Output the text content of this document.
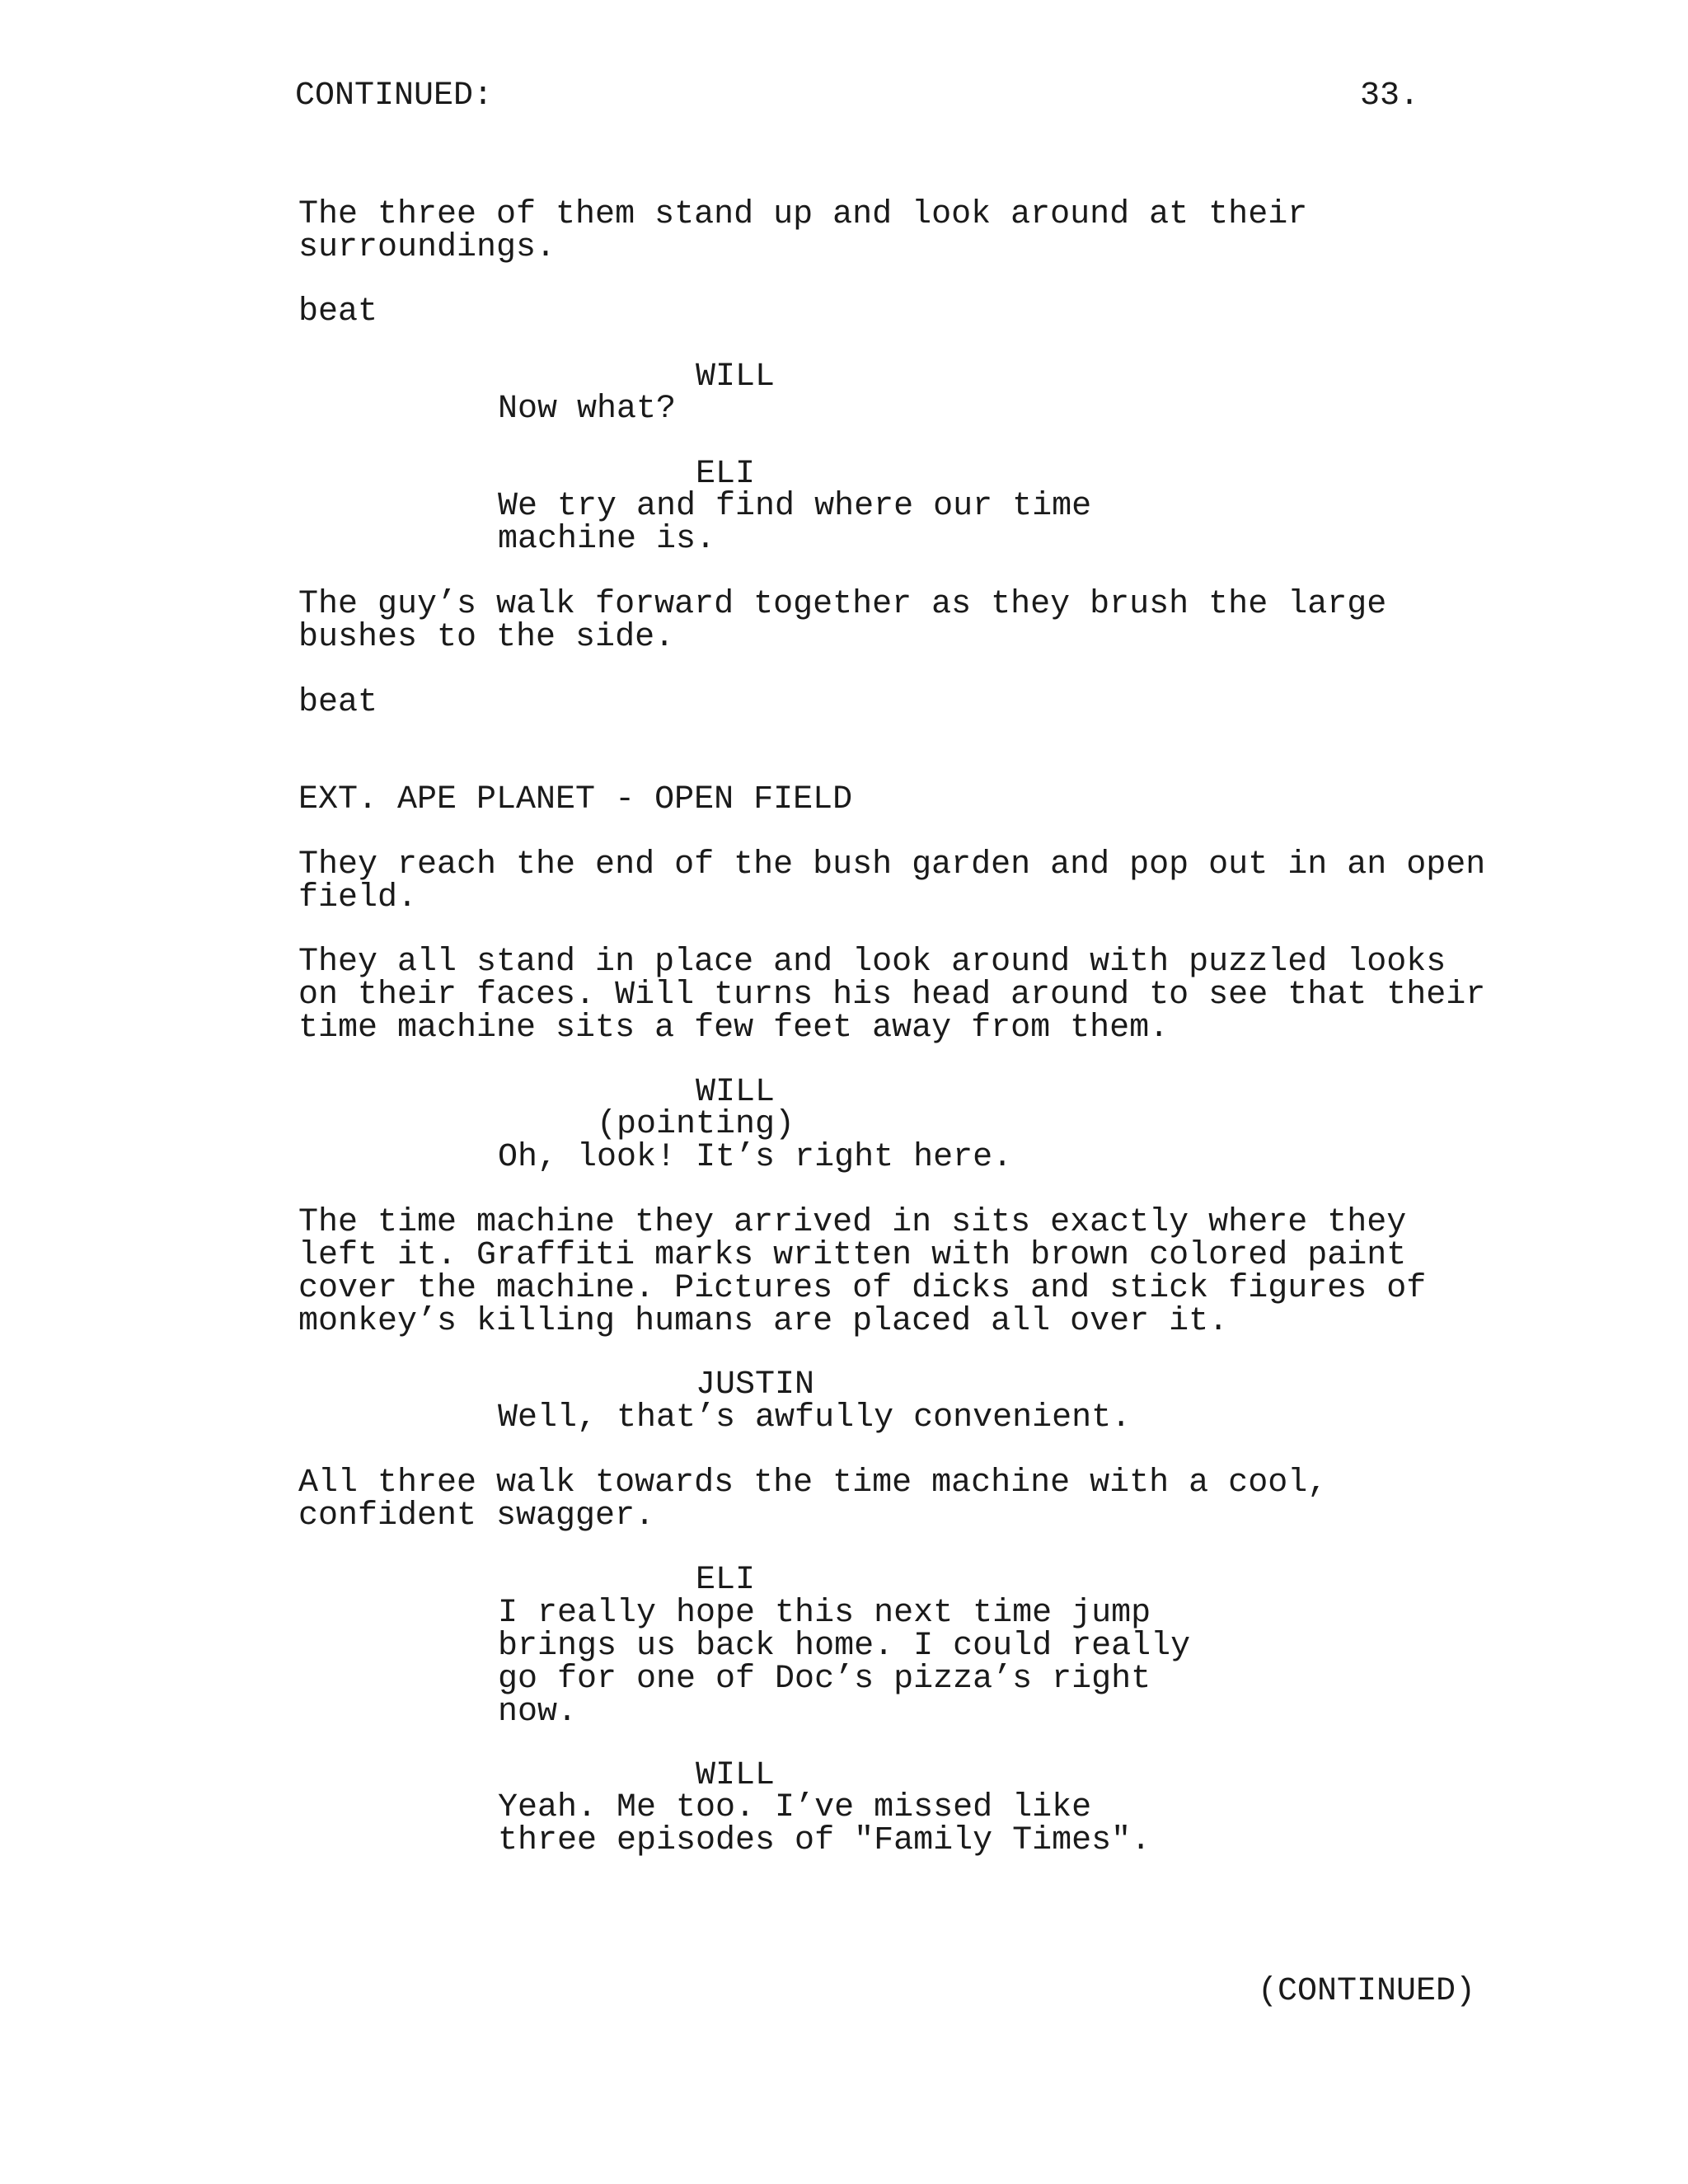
CONTINUED:	33.
The three of them stand up and look around at their
surroundings.
beat
WILL
Now what?
ELI
We try and find where our time
machine is.
The guy’s walk forward together as they brush the large
bushes to the side.
beat
EXT. APE PLANET - OPEN FIELD
They reach the end of the bush garden and pop out in an open
field.
They all stand in place and look around with puzzled looks
on their faces. Will turns his head around to see that their
time machine sits a few feet away from them.
WILL
(pointing)
Oh, look! It’s right here.
The time machine they arrived in sits exactly where they
left it. Graffiti marks written with brown colored paint
cover the machine. Pictures of dicks and stick figures of
monkey’s killing humans are placed all over it.
JUSTIN
Well, that’s awfully convenient.
All three walk towards the time machine with a cool,
confident swagger.
ELI
I really hope this next time jump
brings us back home. I could really
go for one of Doc’s pizza’s right
now.
WILL
Yeah. Me too. I’ve missed like
three episodes of "Family Times".
(CONTINUED)
